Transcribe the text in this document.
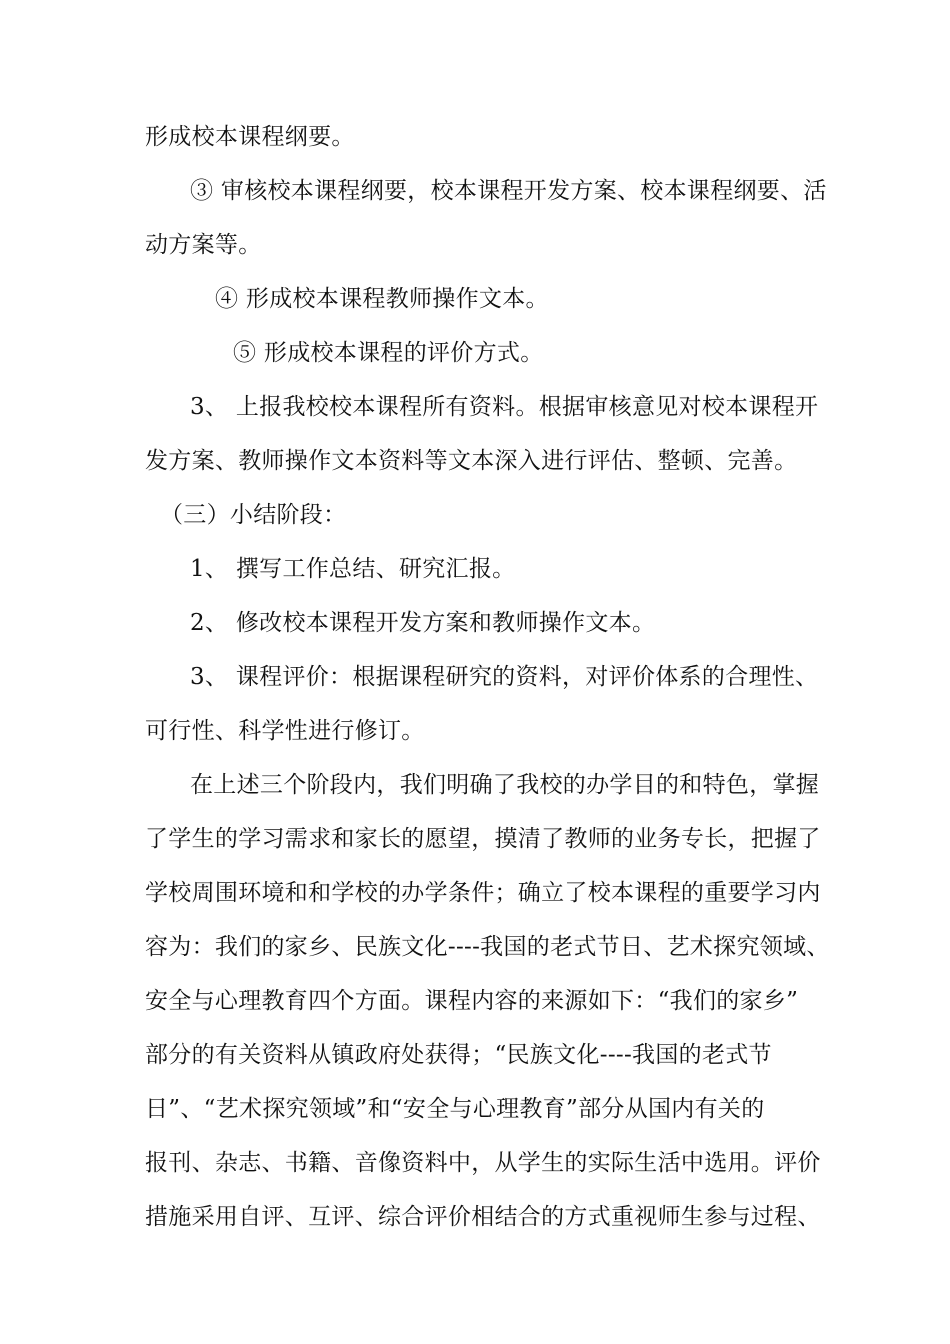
形成校本课程纲要。
③ 审核校本课程纲要，校本课程开发方案、校本课程纲要、活
动方案等。
④ 形成校本课程教师操作文本。
⑤ 形成校本课程的评价方式。
3、 上报我校校本课程所有资料。根据审核意见对校本课程开
发方案、教师操作文本资料等文本深入进行评估、整顿、完善。
（三）小结阶段：
1、 撰写工作总结、研究汇报。
2、 修改校本课程开发方案和教师操作文本。
3、 课程评价：根据课程研究的资料，对评价体系的合理性、
可行性、科学性进行修订。
在上述三个阶段内，我们明确了我校的办学目的和特色，掌握
了学生的学习需求和家长的愿望，摸清了教师的业务专长，把握了
学校周围环境和和学校的办学条件；确立了校本课程的重要学习内
容为：我们的家乡、民族文化----我国的老式节日、艺术探究领域、
安全与心理教育四个方面。课程内容的来源如下：“我们的家乡”
部分的有关资料从镇政府处获得；“民族文化----我国的老式节
日”、“艺术探究领域”和“安全与心理教育”部分从国内有关的
报刊、杂志、书籍、音像资料中，从学生的实际生活中选用。评价
措施采用自评、互评、综合评价相结合的方式重视师生参与过程、
